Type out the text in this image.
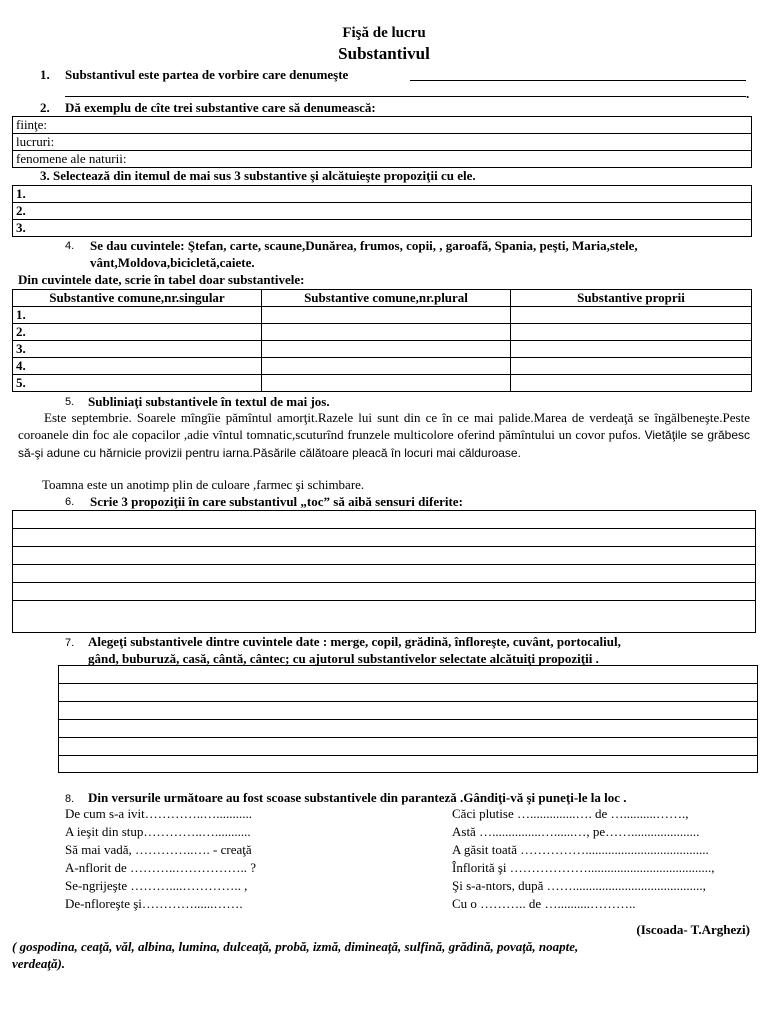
Fişă de lucru
Substantivul
1. Substantivul este partea de vorbire care denumeşte
.
2. Dă exemplu de cîte trei substantive care să denumească:
fiinţe:
lucruri:
fenomene ale naturii:
3. Selectează din itemul de mai sus 3 substantive şi alcătuieşte propoziţii cu ele.
1.
2.
3.
4. Se dau cuvintele: Ştefan, carte, scaune,Dunărea, frumos, copii, , garoafă, Spania, peşti, Maria,stele,
vânt,Moldova,bicicletă,caiete.
Din cuvintele date, scrie în tabel doar substantivele:
Substantive comune,nr.singular	Substantive comune,nr.plural	Substantive proprii
1.		
2.		
3.		
4.		
5.		
5. Subliniaţi substantivele în textul de mai jos.
Este septembrie. Soarele mîngîie pămîntul amorţit.Razele lui sunt din ce în ce mai palide.Marea de verdeaţă se îngălbeneşte.Peste coroanele din foc ale copacilor ,adie vîntul tomnatic,scuturînd frunzele multicolore oferind pămîntului un covor pufos. Vietăţile se grăbesc să-şi adune cu hărnicie provizii pentru iarna.Păsările călătoare pleacă în locuri mai călduroase.
Toamna este un anotimp plin de culoare ,farmec şi schimbare.
6. Scrie 3 propoziţii în care substantivul „toc” să aibă sensuri diferite:
7. Alegeţi substantivele dintre cuvintele date : merge, copil, grădină, înfloreşte, cuvânt, portocaliul,
gând, buburuză, casă, cântă, cântec; cu ajutorul substantivelor selectate alcătuiţi propoziţii .
8. Din versurile următoare au fost scoase substantivele din paranteză .Gândiţi-vă şi puneţi-le la loc .
De cum s-a ivit…………..…...........
A ieşit din stup…………..…...........
Să mai vadă, …………..…. - creaţă
A-nflorit de ………..…………….. ?
Se-ngrijeşte ………....………….. ,
De-nfloreşte şi…………......…….
Căci plutise …..............…. de …..........…….,
Astă …...............…......…, pe…….....................
A găsit toată ……………......................................
Înflorită şi ………………......................................,
Şi s-a-ntors, după ……........................................,
Cu o ……….. de …..........………..
(Iscoada- T.Arghezi)
( gospodina, ceaţă, văl, albina, lumina, dulceaţă, probă, izmă, dimineaţă, sulfină, grădină, povaţă, noapte,
verdeaţă).
